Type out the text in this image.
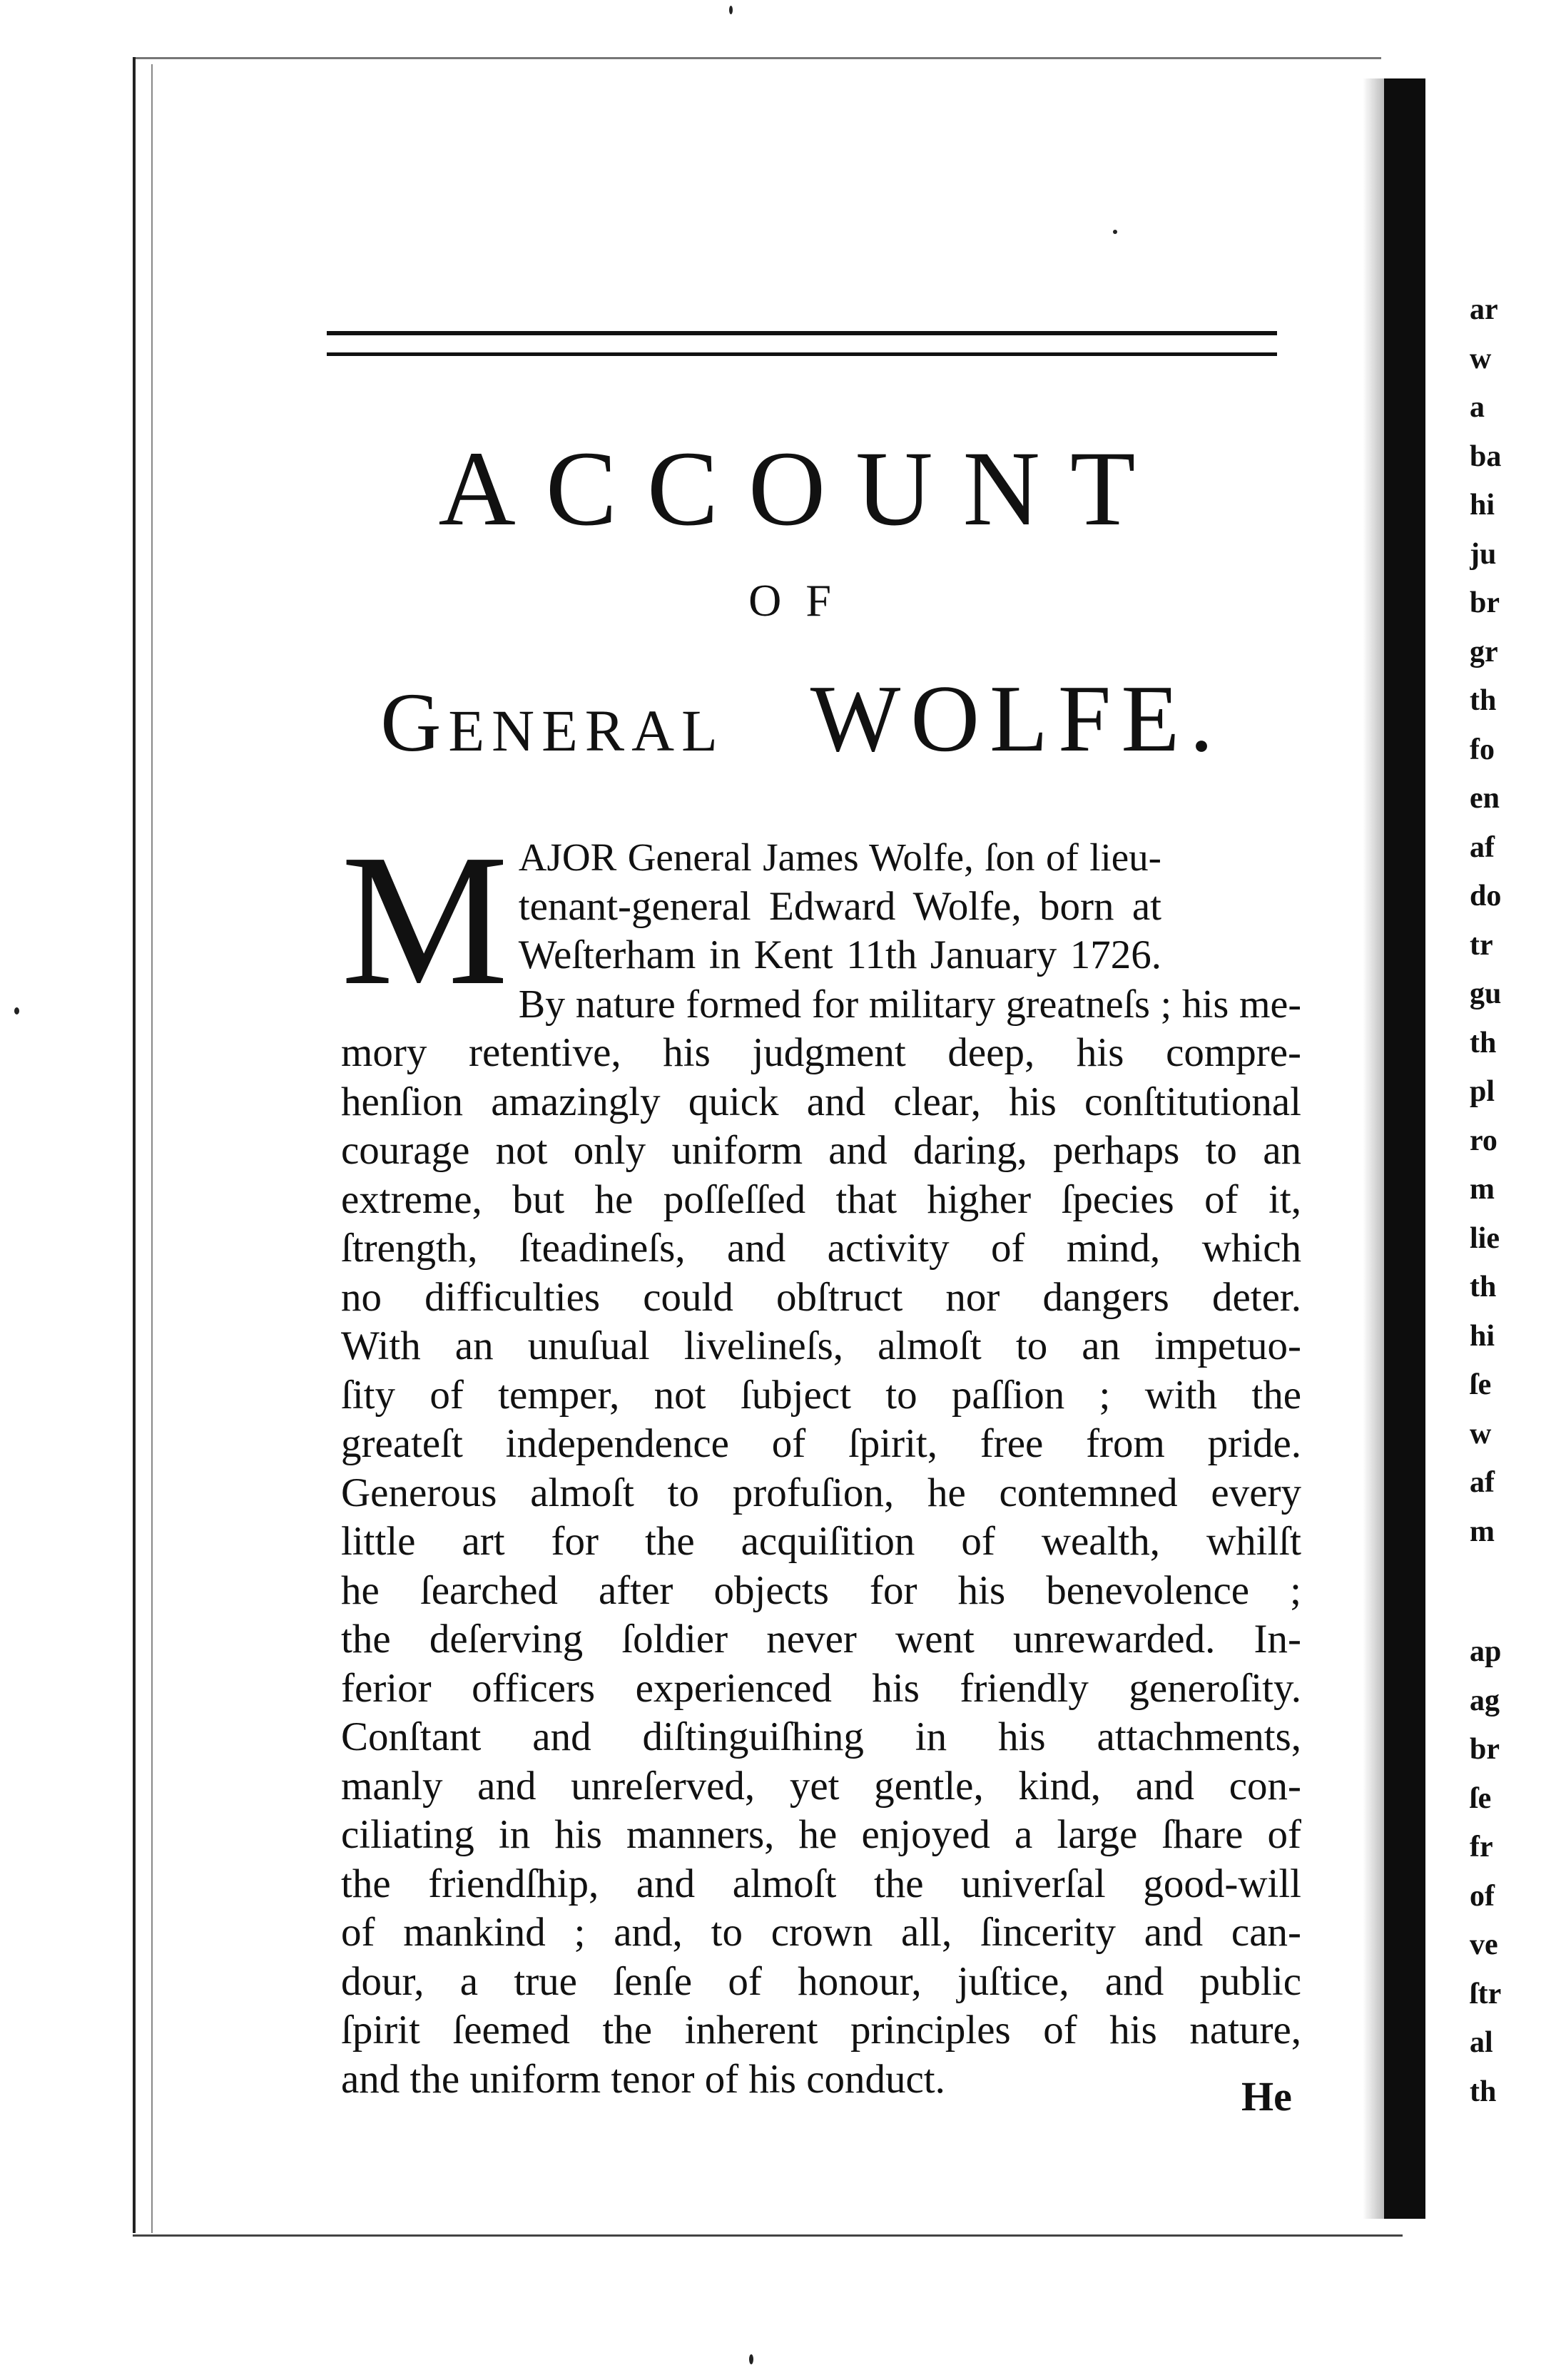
ACCOUNT
OF
General WOLFE.
M AJOR General James Wolfe, ſon of lieu-
tenant-general Edward Wolfe, born at
Weſterham in Kent 11th January 1726.
By nature formed for military greatneſs ; his me-
mory retentive, his judgment deep, his compre-
henſion amazingly quick and clear, his conſtitutional
courage not only uniform and daring, perhaps to an
extreme, but he poſſeſſed that higher ſpecies of it,
ſtrength, ſteadineſs, and activity of mind, which
no difficulties could obſtruct nor dangers deter.
With an unuſual livelineſs, almoſt to an impetuo-
ſity of temper, not ſubject to paſſion ; with the
greateſt independence of ſpirit, free from pride.
Generous almoſt to profuſion, he contemned every
little art for the acquiſition of wealth, whilſt
he ſearched after objects for his benevolence ;
the deſerving ſoldier never went unrewarded. In-
ferior officers experienced his friendly generoſity.
Conſtant and diſtinguiſhing in his attachments,
manly and unreſerved, yet gentle, kind, and con-
ciliating in his manners, he enjoyed a large ſhare of
the friendſhip, and almoſt the univerſal good-will
of mankind ; and, to crown all, ſincerity and can-
dour, a true ſenſe of honour, juſtice, and public
ſpirit ſeemed the inherent principles of his nature,
and the uniform tenor of his conduct.	He
ar
w
a
ba
hi
ju
br
gr
th
fo
en
af
do
tr
gu
th
pl
ro
m
lie
th
hi
ſe
w
af
m
ap
ag
br
ſe
fr
of
ve
ſtr
al
th
